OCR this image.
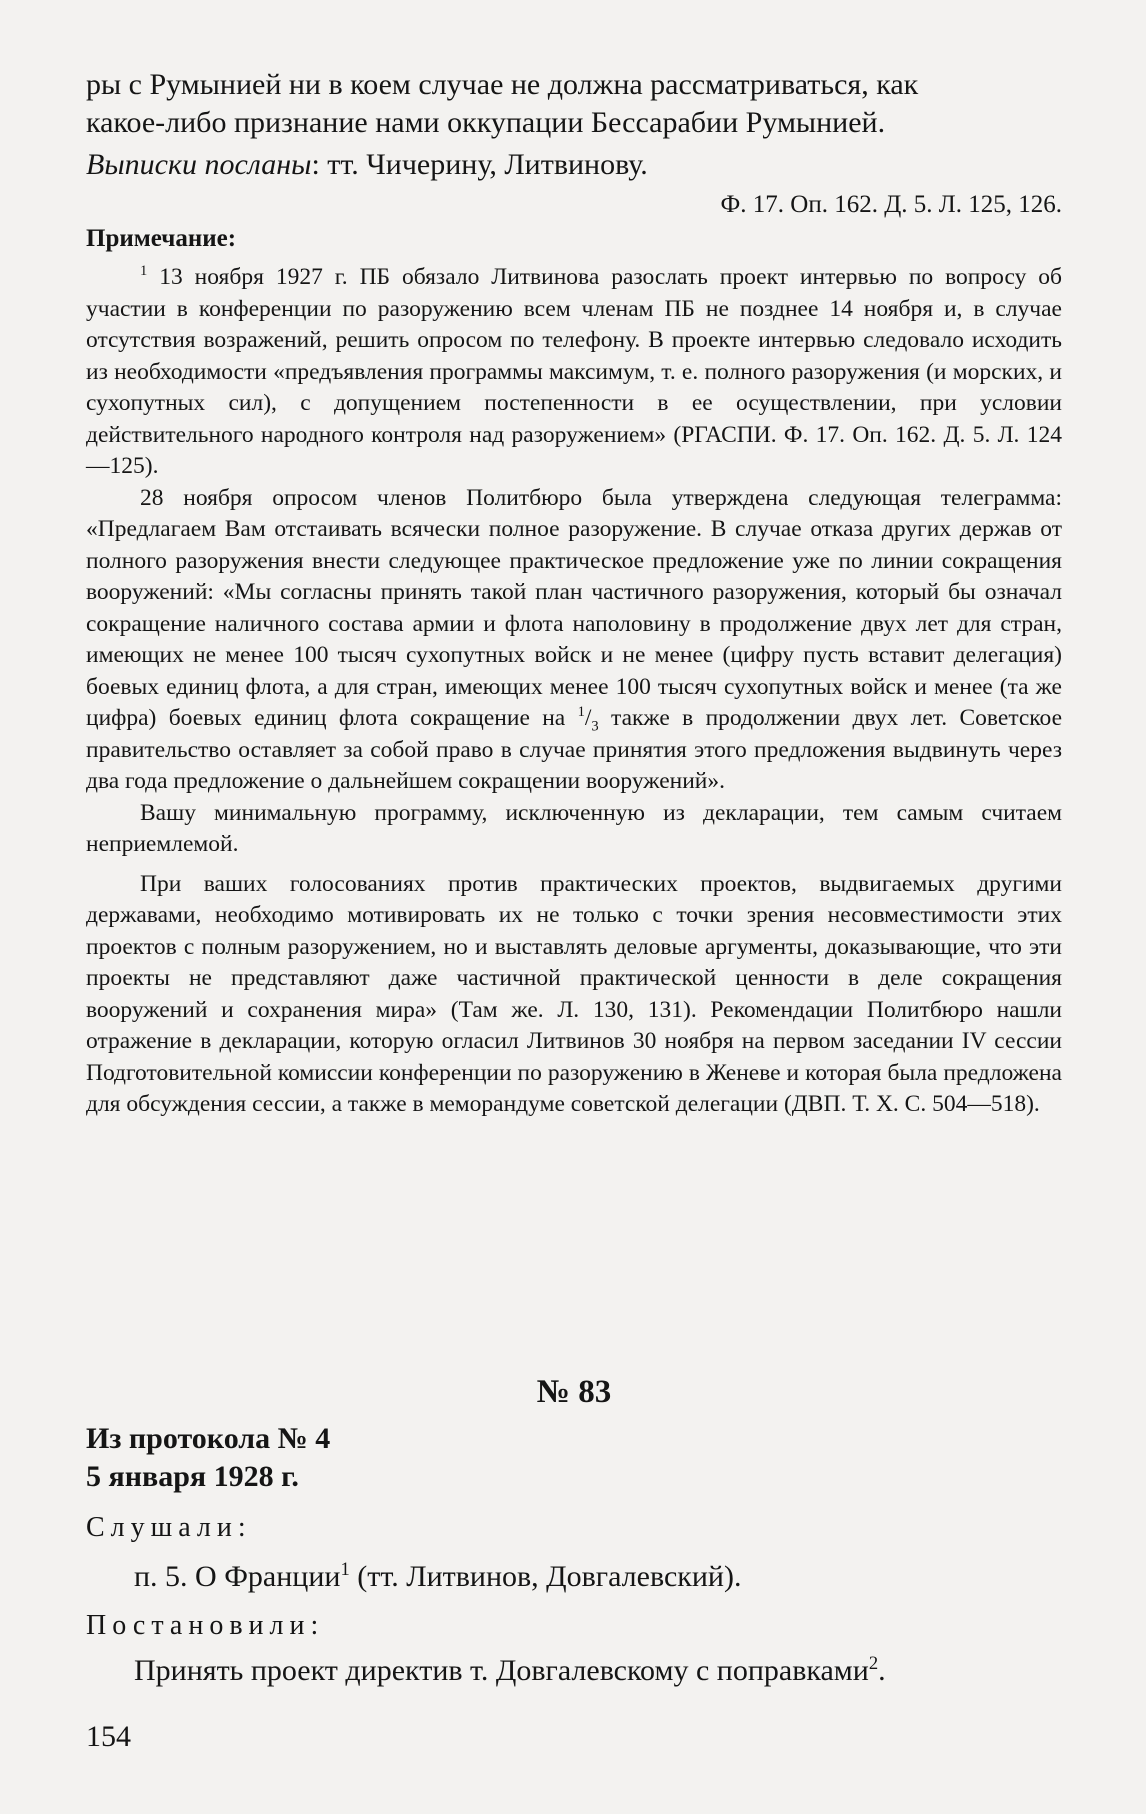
ры с Румынией ни в коем случае не должна рассматриваться, как

какое-либо признание нами оккупации Бессарабии Румынией.

Выписки посланы: тт. Чичерину, Литвинову.

Ф. 17. Оп. 162. Д. 5. Л. 125, 126.

Примечание:

$^1$ 13 ноября 1927 г. ПБ обязало Литвинова разослать проект интервью по вопросу об участии в конференции по разоружению всем членам ПБ не позднее 14 ноября и, в случае отсутствия возражений, решить опросом по телефону. В проекте интервью следовало исходить из необходимости «предъявления программы максимум, т. е. полного разоружения (и морских, и сухопутных сил), с допущением постепенности в ее осуществлении, при условии действительного народного контроля над разоружением» (РГАСПИ. Ф. 17. Оп. 162. Д. 5. Л. 124—125).

28 ноября опросом членов Политбюро была утверждена следующая телеграмма: «Предлагаем Вам отстаивать всячески полное разоружение. В случае отказа других держав от полного разоружения внести следующее практическое предложение уже по линии сокращения вооружений: «Мы согласны принять такой план частичного разоружения, который бы означал сокращение наличного состава армии и флота наполовину в продолжение двух лет для стран, имеющих не менее 100 тысяч сухопутных войск и не менее (цифру пусть вставит делегация) боевых единиц флота, а для стран, имеющих менее 100 тысяч сухопутных войск и менее (та же цифра) боевых единиц флота сокращение на $^1/_3$ также в продолжении двух лет. Советское правительство оставляет за собой право в случае принятия этого предложения выдвинуть через два года предложение о дальнейшем сокращении вооружений».

Вашу минимальную программу, исключенную из декларации, тем самым считаем неприемлемой.

При ваших голосованиях против практических проектов, выдвигаемых другими державами, необходимо мотивировать их не только с точки зрения несовместимости этих проектов с полным разоружением, но и выставлять деловые аргументы, доказывающие, что эти проекты не представляют даже частичной практической ценности в деле сокращения вооружений и сохранения мира» (Там же. Л. 130, 131). Рекомендации Политбюро нашли отражение в декларации, которую огласил Литвинов 30 ноября на первом заседании IV сессии Подготовительной комиссии конференции по разоружению в Женеве и которая была предложена для обсуждения сессии, а также в меморандуме советской делегации (ДВП. Т. X. С. 504—518).

№ 83

Из протокола № 4

5 января 1928 г.

Слушали:

п. 5. О Франции$^1$ (тт. Литвинов, Довгалевский).

Постановили:

Принять проект директив т. Довгалевскому с поправками$^2$.

154
